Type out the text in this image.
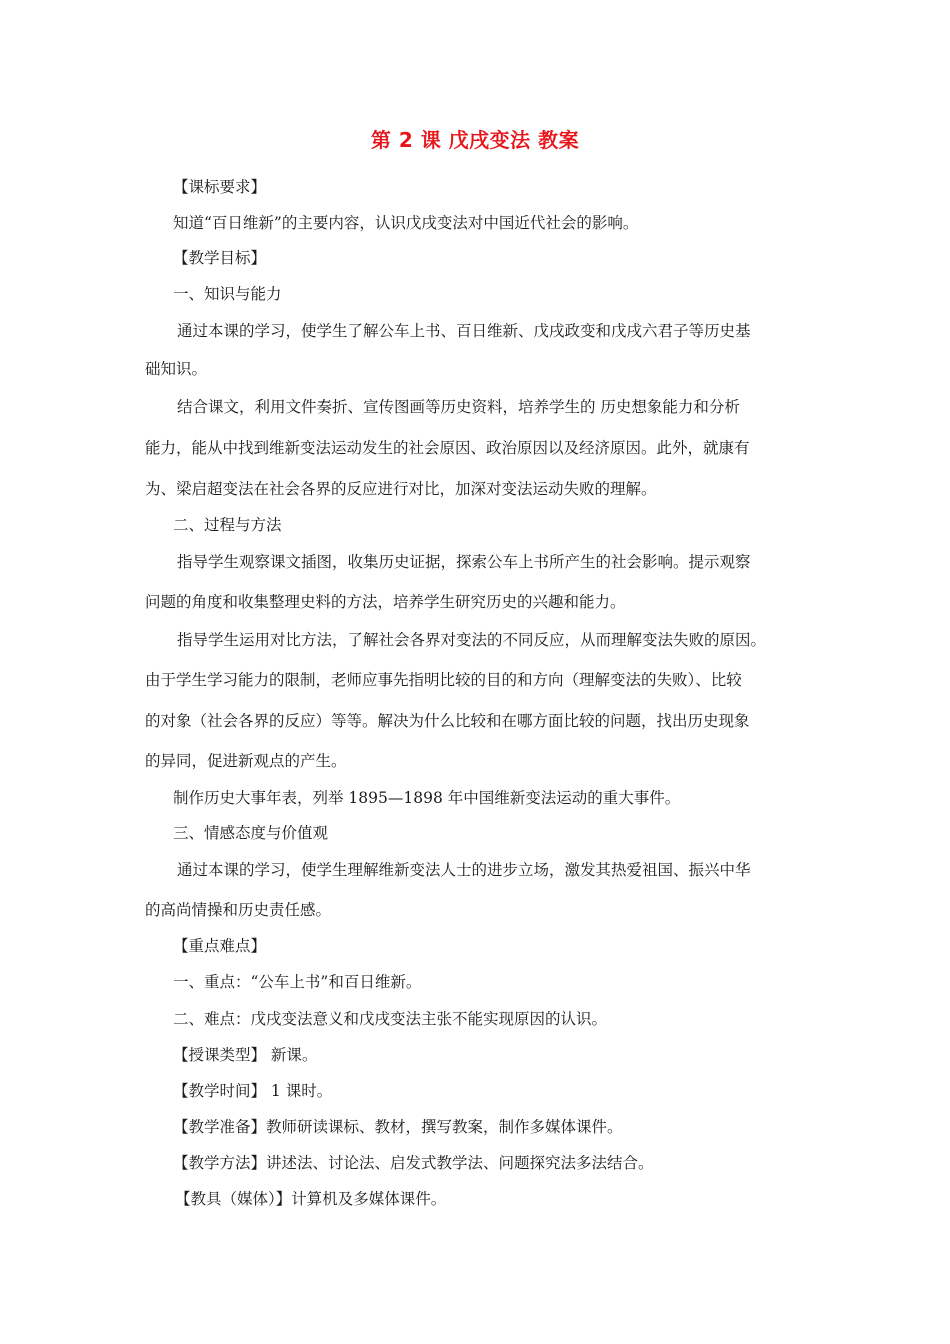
第 2 课 戊戌变法 教案
【课标要求】
知道“百日维新”的主要内容，认识戊戌变法对中国近代社会的影响。
【教学目标】
一、知识与能力
通过本课的学习，使学生了解公车上书、百日维新、戊戌政变和戊戌六君子等历史基
础知识。
结合课文，利用文件奏折、宣传图画等历史资料，培养学生的 历史想象能力和分析
能力，能从中找到维新变法运动发生的社会原因、政治原因以及经济原因。此外，就康有
为、梁启超变法在社会各界的反应进行对比，加深对变法运动失败的理解。
二、过程与方法
指导学生观察课文插图，收集历史证据，探索公车上书所产生的社会影响。提示观察
问题的角度和收集整理史料的方法，培养学生研究历史的兴趣和能力。
指导学生运用对比方法，了解社会各界对变法的不同反应，从而理解变法失败的原因。
由于学生学习能力的限制，老师应事先指明比较的目的和方向（理解变法的失败）、比较
的对象（社会各界的反应）等等。解决为什么比较和在哪方面比较的问题，找出历史现象
的异同，促进新观点的产生。
制作历史大事年表，列举 1895—1898 年中国维新变法运动的重大事件。
三、情感态度与价值观
通过本课的学习，使学生理解维新变法人士的进步立场，激发其热爱祖国、振兴中华
的高尚情操和历史责任感。
【重点难点】
一、重点：“公车上书”和百日维新。
二、难点：戊戌变法意义和戊戌变法主张不能实现原因的认识。
【授课类型】 新课。
【教学时间】 1 课时。
【教学准备】教师研读课标、教材，撰写教案，制作多媒体课件。
【教学方法】讲述法、讨论法、启发式教学法、问题探究法多法结合。
【教具（媒体）】计算机及多媒体课件。
